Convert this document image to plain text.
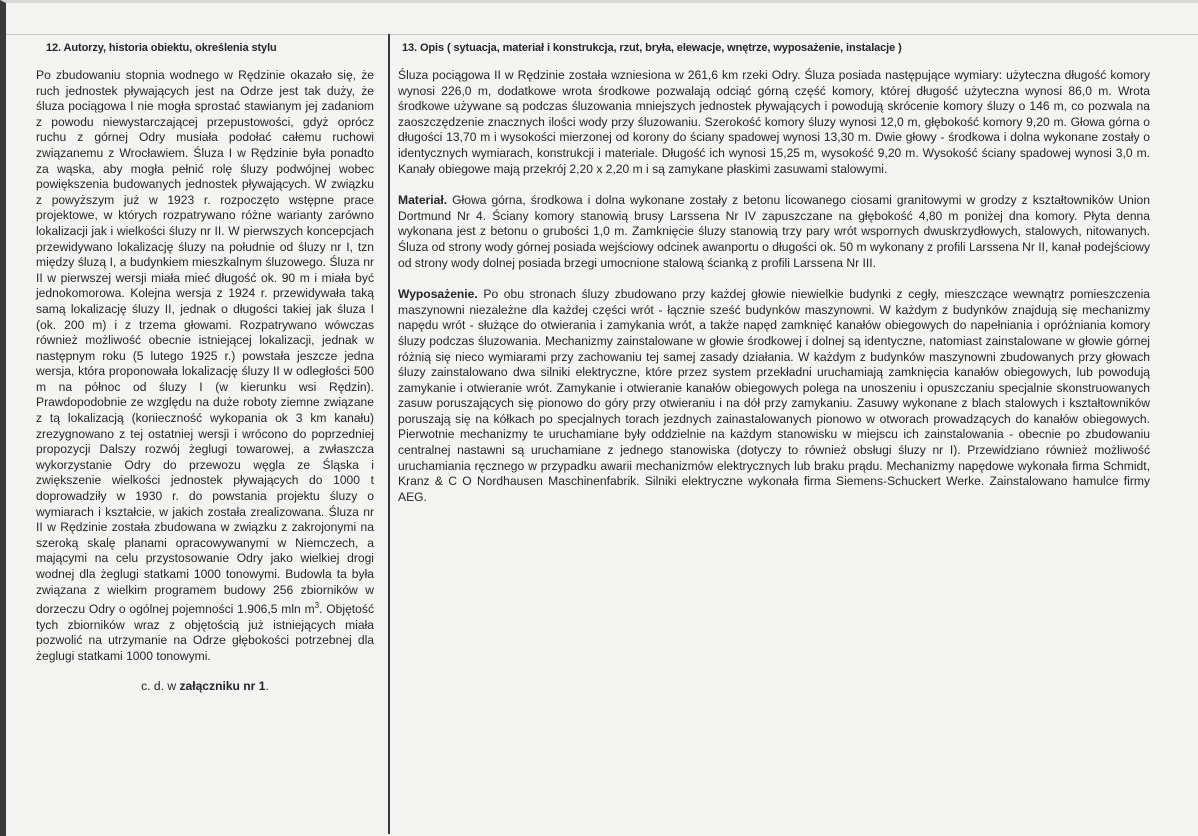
12. Autorzy, historia obiektu, określenia stylu

Po zbudowaniu stopnia wodnego w Rędzinie okazało się, że ruch jednostek pływających jest na Odrze jest tak duży, że śluza pociągowa I nie mogła sprostać stawianym jej zadaniom z powodu niewystarczającej przepustowości, gdyż oprócz ruchu z górnej Odry musiała podołać całemu ruchowi związanemu z Wrocławiem. Śluza I w Rędzinie była ponadto za wąska, aby mogła pełnić rolę śluzy podwójnej wobec powiększenia budowanych jednostek pływających. W związku z powyższym już w 1923 r. rozpoczęto wstępne prace projektowe, w których rozpatrywano różne warianty zarówno lokalizacji jak i wielkości śluzy nr II. W pierwszych koncepcjach przewidywano lokalizację śluzy na południe od śluzy nr I, tzn między śluzą I, a budynkiem mieszkalnym śluzowego. Śluza nr II w pierwszej wersji miała mieć długość ok. 90 m i miała być jednokomorowa. Kolejna wersja z 1924 r. przewidywała taką samą lokalizację śluzy II, jednak o długości takiej jak śluza I (ok. 200 m) i z trzema głowami. Rozpatrywano wówczas również możliwość obecnie istniejącej lokalizacji, jednak w następnym roku (5 lutego 1925 r.) powstała jeszcze jedna wersja, która proponowała lokalizację śluzy II w odległości 500 m na północ od śluzy I (w kierunku wsi Rędzin). Prawdopodobnie ze względu na duże roboty ziemne związane z tą lokalizacją (konieczność wykopania ok 3 km kanału) zrezygnowano z tej ostatniej wersji i wrócono do poprzedniej propozycji Dalszy rozwój żeglugi towarowej, a zwłaszcza wykorzystanie Odry do przewozu węgla ze Śląska i zwiększenie wielkości jednostek pływających do 1000 t doprowadziły w 1930 r. do powstania projektu śluzy o wymiarach i kształcie, w jakich została zrealizowana. Śluza nr II w Rędzinie została zbudowana w związku z zakrojonymi na szeroką skalę planami opracowywanymi w Niemczech, a mającymi na celu przystosowanie Odry jako wielkiej drogi wodnej dla żeglugi statkami 1000 tonowymi. Budowla ta była związana z wielkim programem budowy 256 zbiorników w dorzeczu Odry o ogólnej pojemności 1.906,5 mln $m^3$. Objętość tych zbiorników wraz z objętością już istniejących miała pozwolić na utrzymanie na Odrze głębokości potrzebnej dla żeglugi statkami 1000 tonowymi.

c. d. w załączniku nr 1.
13. Opis ( sytuacja, materiał i konstrukcja, rzut, bryła, elewacje, wnętrze, wyposażenie, instalacje )

Śluza pociągowa II w Rędzinie została wzniesiona w 261,6 km rzeki Odry. Śluza posiada następujące wymiary: użyteczna długość komory wynosi 226,0 m, dodatkowe wrota środkowe pozwalają odciąć górną część komory, której długość użyteczna wynosi 86,0 m. Wrota środkowe używane są podczas śluzowania mniejszych jednostek pływających i powodują skrócenie komory śluzy o 146 m, co pozwala na zaoszczędzenie znacznych ilości wody przy śluzowaniu. Szerokość komory śluzy wynosi 12,0 m, głębokość komory 9,20 m. Głowa górna o długości 13,70 m i wysokości mierzonej od korony do ściany spadowej wynosi 13,30 m. Dwie głowy - środkowa i dolna wykonane zostały o identycznych wymiarach, konstrukcji i materiale. Długość ich wynosi 15,25 m, wysokość 9,20 m. Wysokość ściany spadowej wynosi 3,0 m. Kanały obiegowe mają przekrój 2,20 x 2,20 m i są zamykane płaskimi zasuwami stalowymi.

Materiał. Głowa górna, środkowa i dolna wykonane zostały z betonu licowanego ciosami granitowymi w grodzy z kształtowników Union Dortmund Nr 4. Ściany komory stanowią brusy Larssena Nr IV zapuszczane na głębokość 4,80 m poniżej dna komory. Płyta denna wykonana jest z betonu o grubości 1,0 m. Zamknięcie śluzy stanowią trzy pary wrót wspornych dwuskrzydłowych, stalowych, nitowanych. Śluza od strony wody górnej posiada wejściowy odcinek awanportu o długości ok. 50 m wykonany z profili Larssena Nr II, kanał podejściowy od strony wody dolnej posiada brzegi umocnione stalową ścianką z profili Larssena Nr III.

Wyposażenie. Po obu stronach śluzy zbudowano przy każdej głowie niewielkie budynki z cegły, mieszczące wewnątrz pomieszczenia maszynowni niezależne dla każdej części wrót - łącznie sześć budynków maszynowni. W każdym z budynków znajdują się mechanizmy napędu wrót - służące do otwierania i zamykania wrót, a także napęd zamknięć kanałów obiegowych do napełniania i opróżniania komory śluzy podczas śluzowania. Mechanizmy zainstalowane w głowie środkowej i dolnej są identyczne, natomiast zainstalowane w głowie górnej różnią się nieco wymiarami przy zachowaniu tej samej zasady działania. W każdym z budynków maszynowni zbudowanych przy głowach śluzy zainstalowano dwa silniki elektryczne, które przez system przekładni uruchamiają zamknięcia kanałów obiegowych, lub powodują zamykanie i otwieranie wrót. Zamykanie i otwieranie kanałów obiegowych polega na unoszeniu i opuszczaniu specjalnie skonstruowanych zasuw poruszających się pionowo do góry przy otwieraniu i na dół przy zamykaniu. Zasuwy wykonane z blach stalowych i kształtowników poruszają się na kółkach po specjalnych torach jezdnych zainastalowanych pionowo w otworach prowadzących do kanałów obiegowych. Pierwotnie mechanizmy te uruchamiane były oddzielnie na każdym stanowisku w miejscu ich zainstalowania - obecnie po zbudowaniu centralnej nastawni są uruchamiane z jednego stanowiska (dotyczy to również obsługi śluzy nr I). Przewidziano również możliwość uruchamiania ręcznego w przypadku awarii mechanizmów elektrycznych lub braku prądu. Mechanizmy napędowe wykonała firma Schmidt, Kranz & C O Nordhausen Maschinenfabrik. Silniki elektryczne wykonała firma Siemens-Schuckert Werke. Zainstalowano hamulce firmy AEG.
